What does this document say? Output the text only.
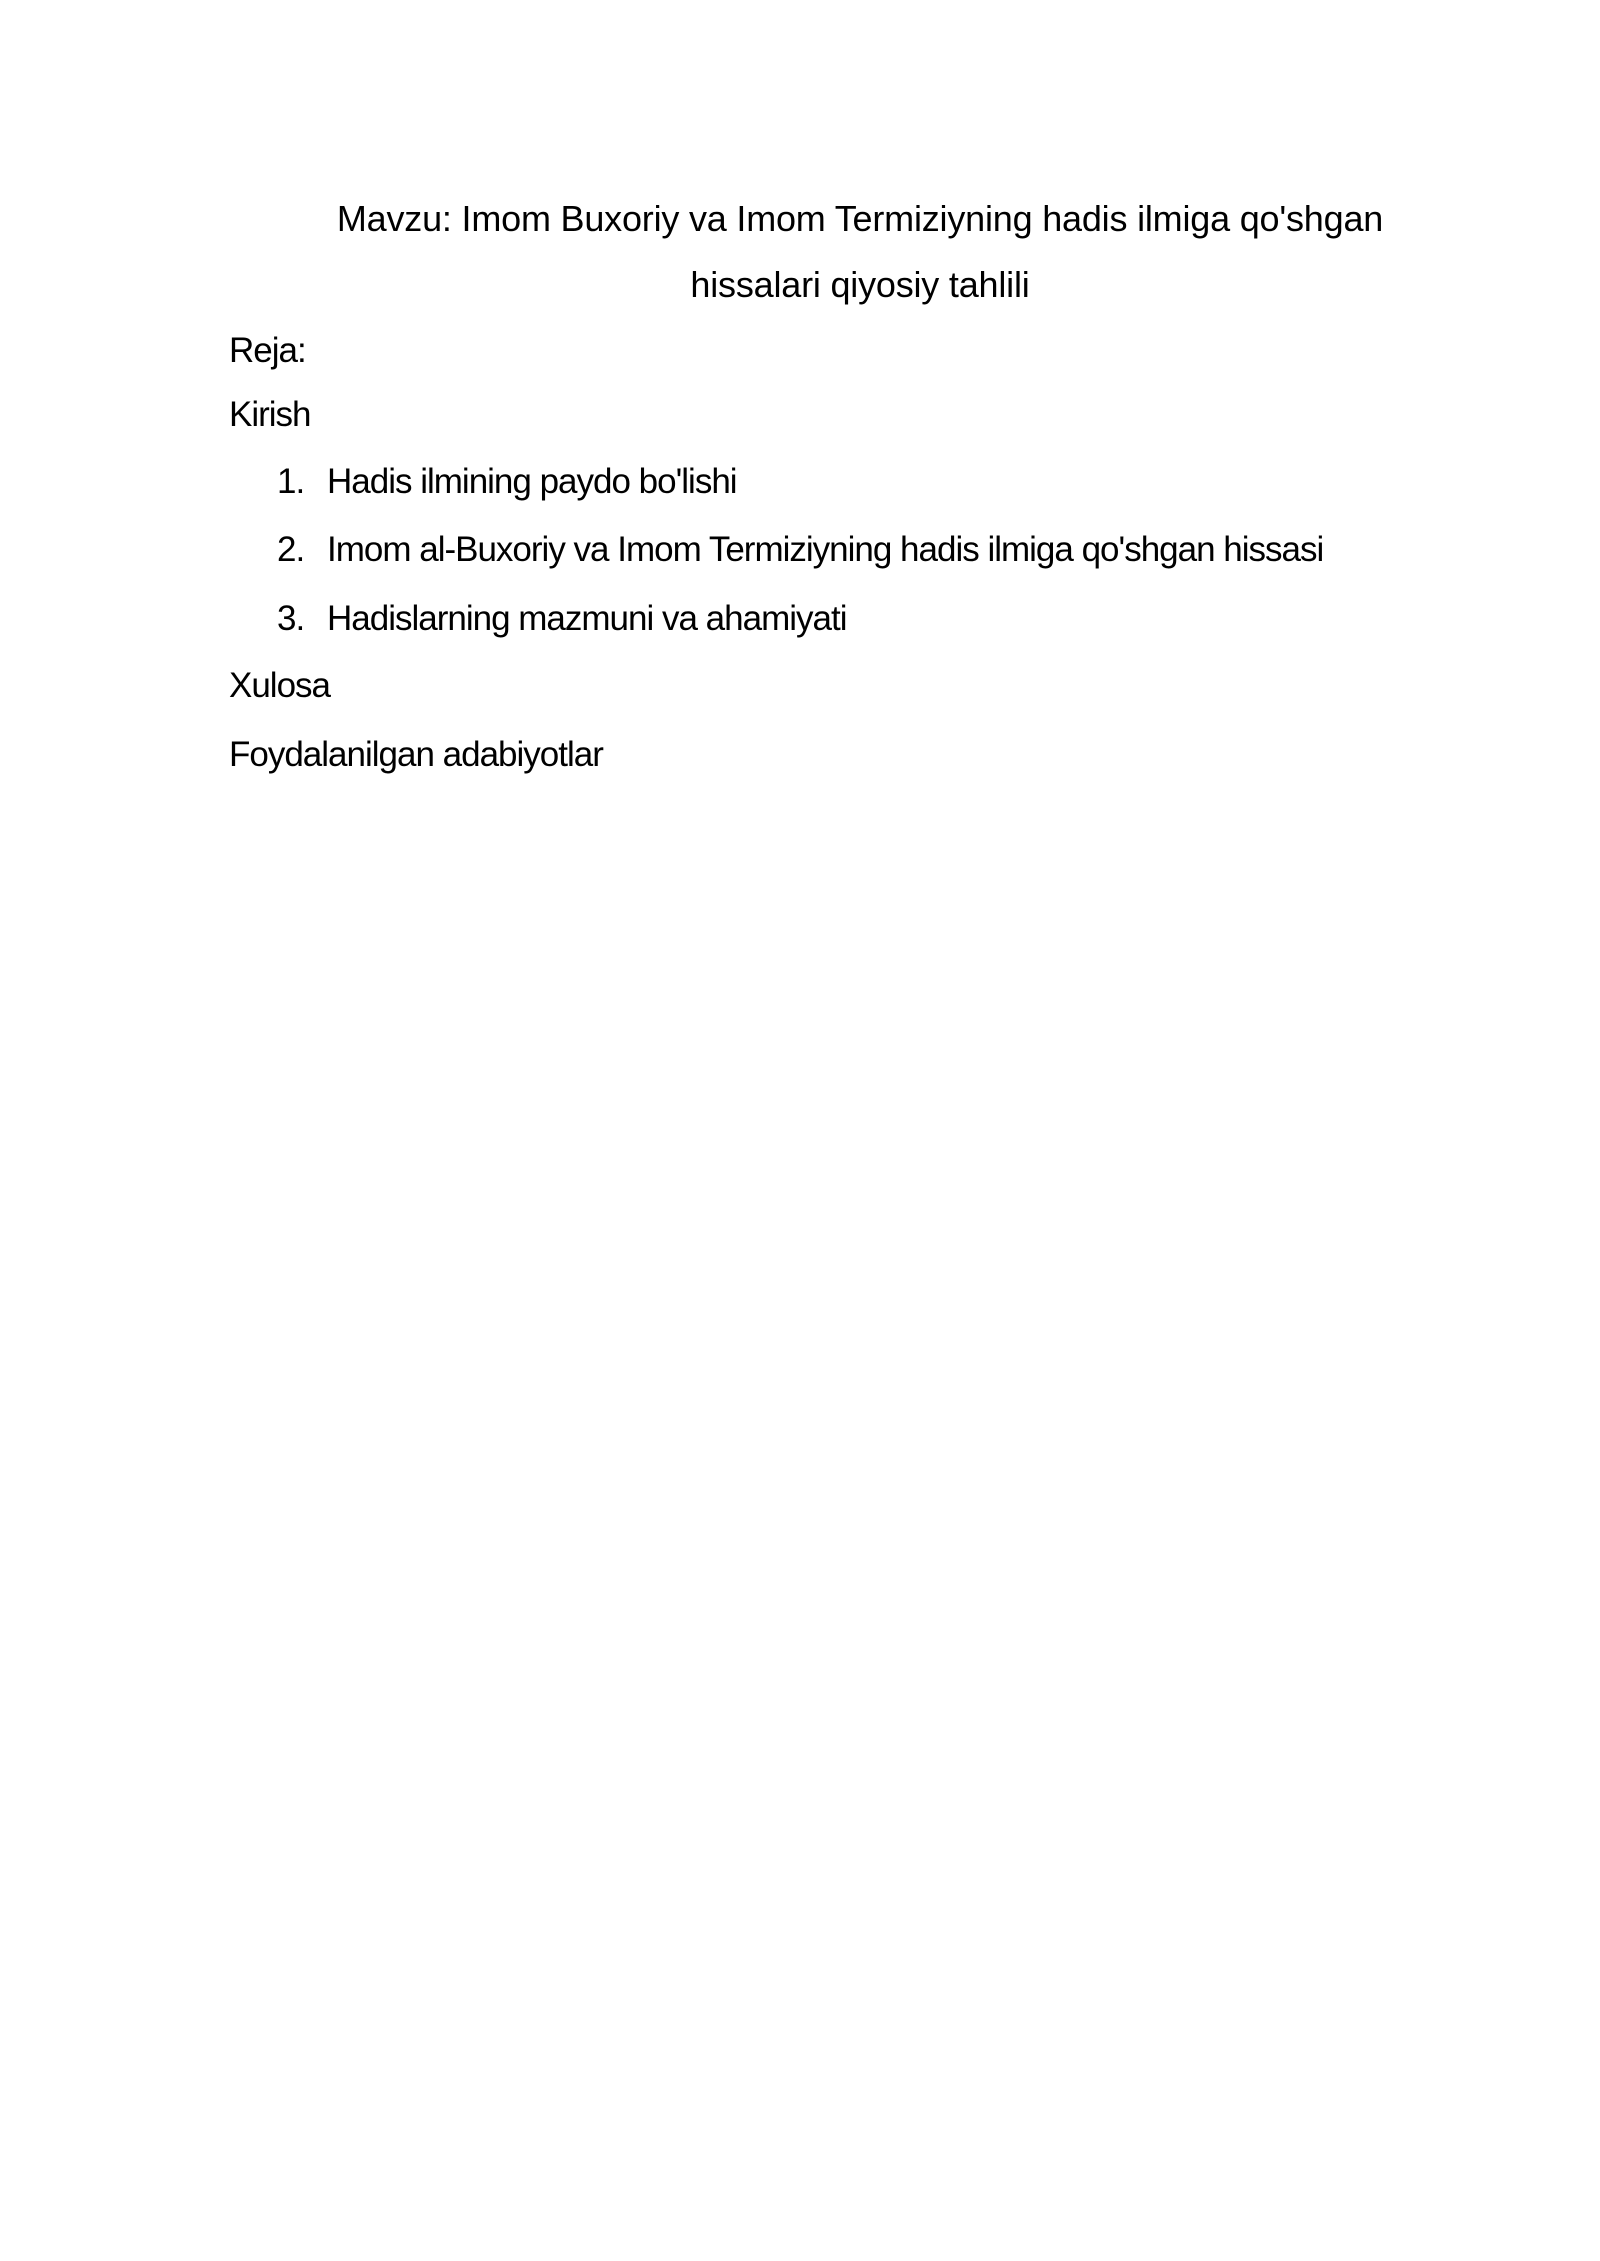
Mavzu: Imom Buxoriy va Imom Termiziyning hadis ilmiga qo'shgan
hissalari qiyosiy tahlili
Reja:
Kirish
1. Hadis ilmining paydo bo'lishi
2. Imom al-Buxoriy va Imom Termiziyning hadis ilmiga qo'shgan hissasi
3. Hadislarning mazmuni va ahamiyati
Xulosa
Foydalanilgan adabiyotlar
